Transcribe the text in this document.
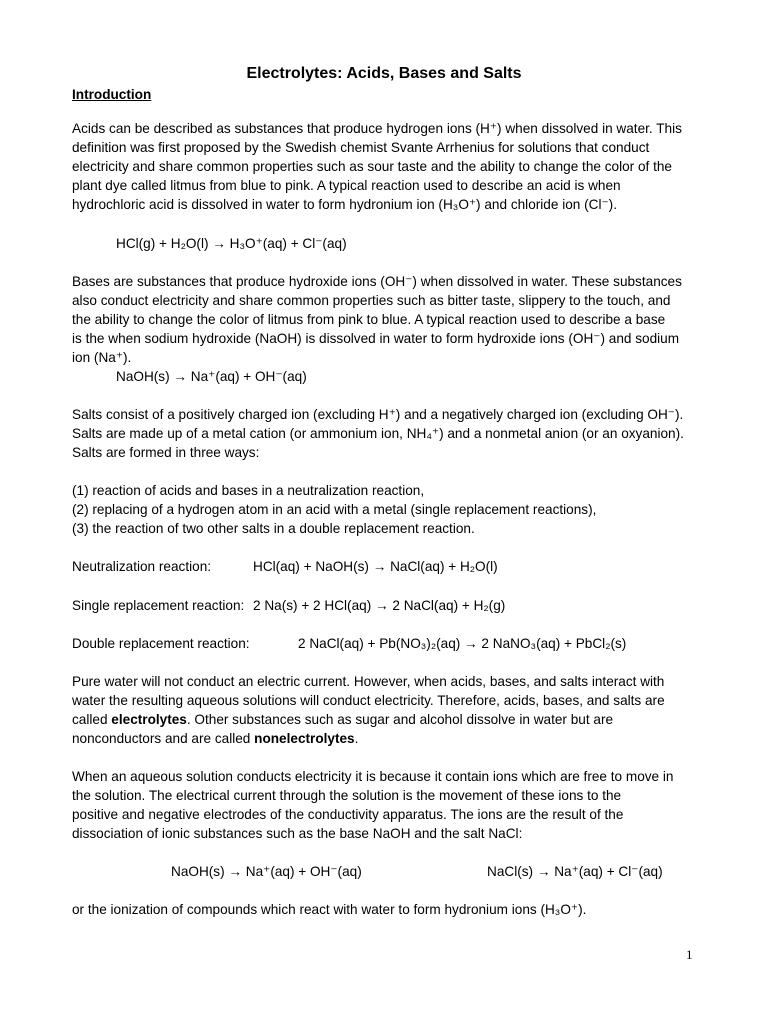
Electrolytes: Acids, Bases and Salts
Introduction
Acids can be described as substances that produce hydrogen ions (H⁺) when dissolved in water. This
definition was first proposed by the Swedish chemist Svante Arrhenius for solutions that conduct
electricity and share common properties such as sour taste and the ability to change the color of the
plant dye called litmus from blue to pink. A typical reaction used to describe an acid is when
hydrochloric acid is dissolved in water to form hydronium ion (H₃O⁺) and chloride ion (Cl⁻).
HCl(g) + H₂O(l) → H₃O⁺(aq) + Cl⁻(aq)
Bases are substances that produce hydroxide ions (OH⁻) when dissolved in water. These substances
also conduct electricity and share common properties such as bitter taste, slippery to the touch, and
the ability to change the color of litmus from pink to blue. A typical reaction used to describe a base
is the when sodium hydroxide (NaOH) is dissolved in water to form hydroxide ions (OH⁻) and sodium
ion (Na⁺).
NaOH(s) → Na⁺(aq) + OH⁻(aq)
Salts consist of a positively charged ion (excluding H⁺) and a negatively charged ion (excluding OH⁻).
Salts are made up of a metal cation (or ammonium ion, NH₄⁺) and a nonmetal anion (or an oxyanion).
Salts are formed in three ways:
(1) reaction of acids and bases in a neutralization reaction,
(2) replacing of a hydrogen atom in an acid with a metal (single replacement reactions),
(3) the reaction of two other salts in a double replacement reaction.
Neutralization reaction:	HCl(aq) + NaOH(s) → NaCl(aq) + H₂O(l)
Single replacement reaction: 2 Na(s) + 2 HCl(aq) → 2 NaCl(aq) + H₂(g)
Double replacement reaction:	2 NaCl(aq) + Pb(NO₃)₂(aq) → 2 NaNO₃(aq) + PbCl₂(s)
Pure water will not conduct an electric current. However, when acids, bases, and salts interact with
water the resulting aqueous solutions will conduct electricity. Therefore, acids, bases, and salts are
called electrolytes. Other substances such as sugar and alcohol dissolve in water but are
nonconductors and are called nonelectrolytes.
When an aqueous solution conducts electricity it is because it contain ions which are free to move in
the solution. The electrical current through the solution is the movement of these ions to the
positive and negative electrodes of the conductivity apparatus. The ions are the result of the
dissociation of ionic substances such as the base NaOH and the salt NaCl:
NaOH(s) → Na⁺(aq) + OH⁻(aq)	NaCl(s) → Na⁺(aq) + Cl⁻(aq)
or the ionization of compounds which react with water to form hydronium ions (H₃O⁺).
1
